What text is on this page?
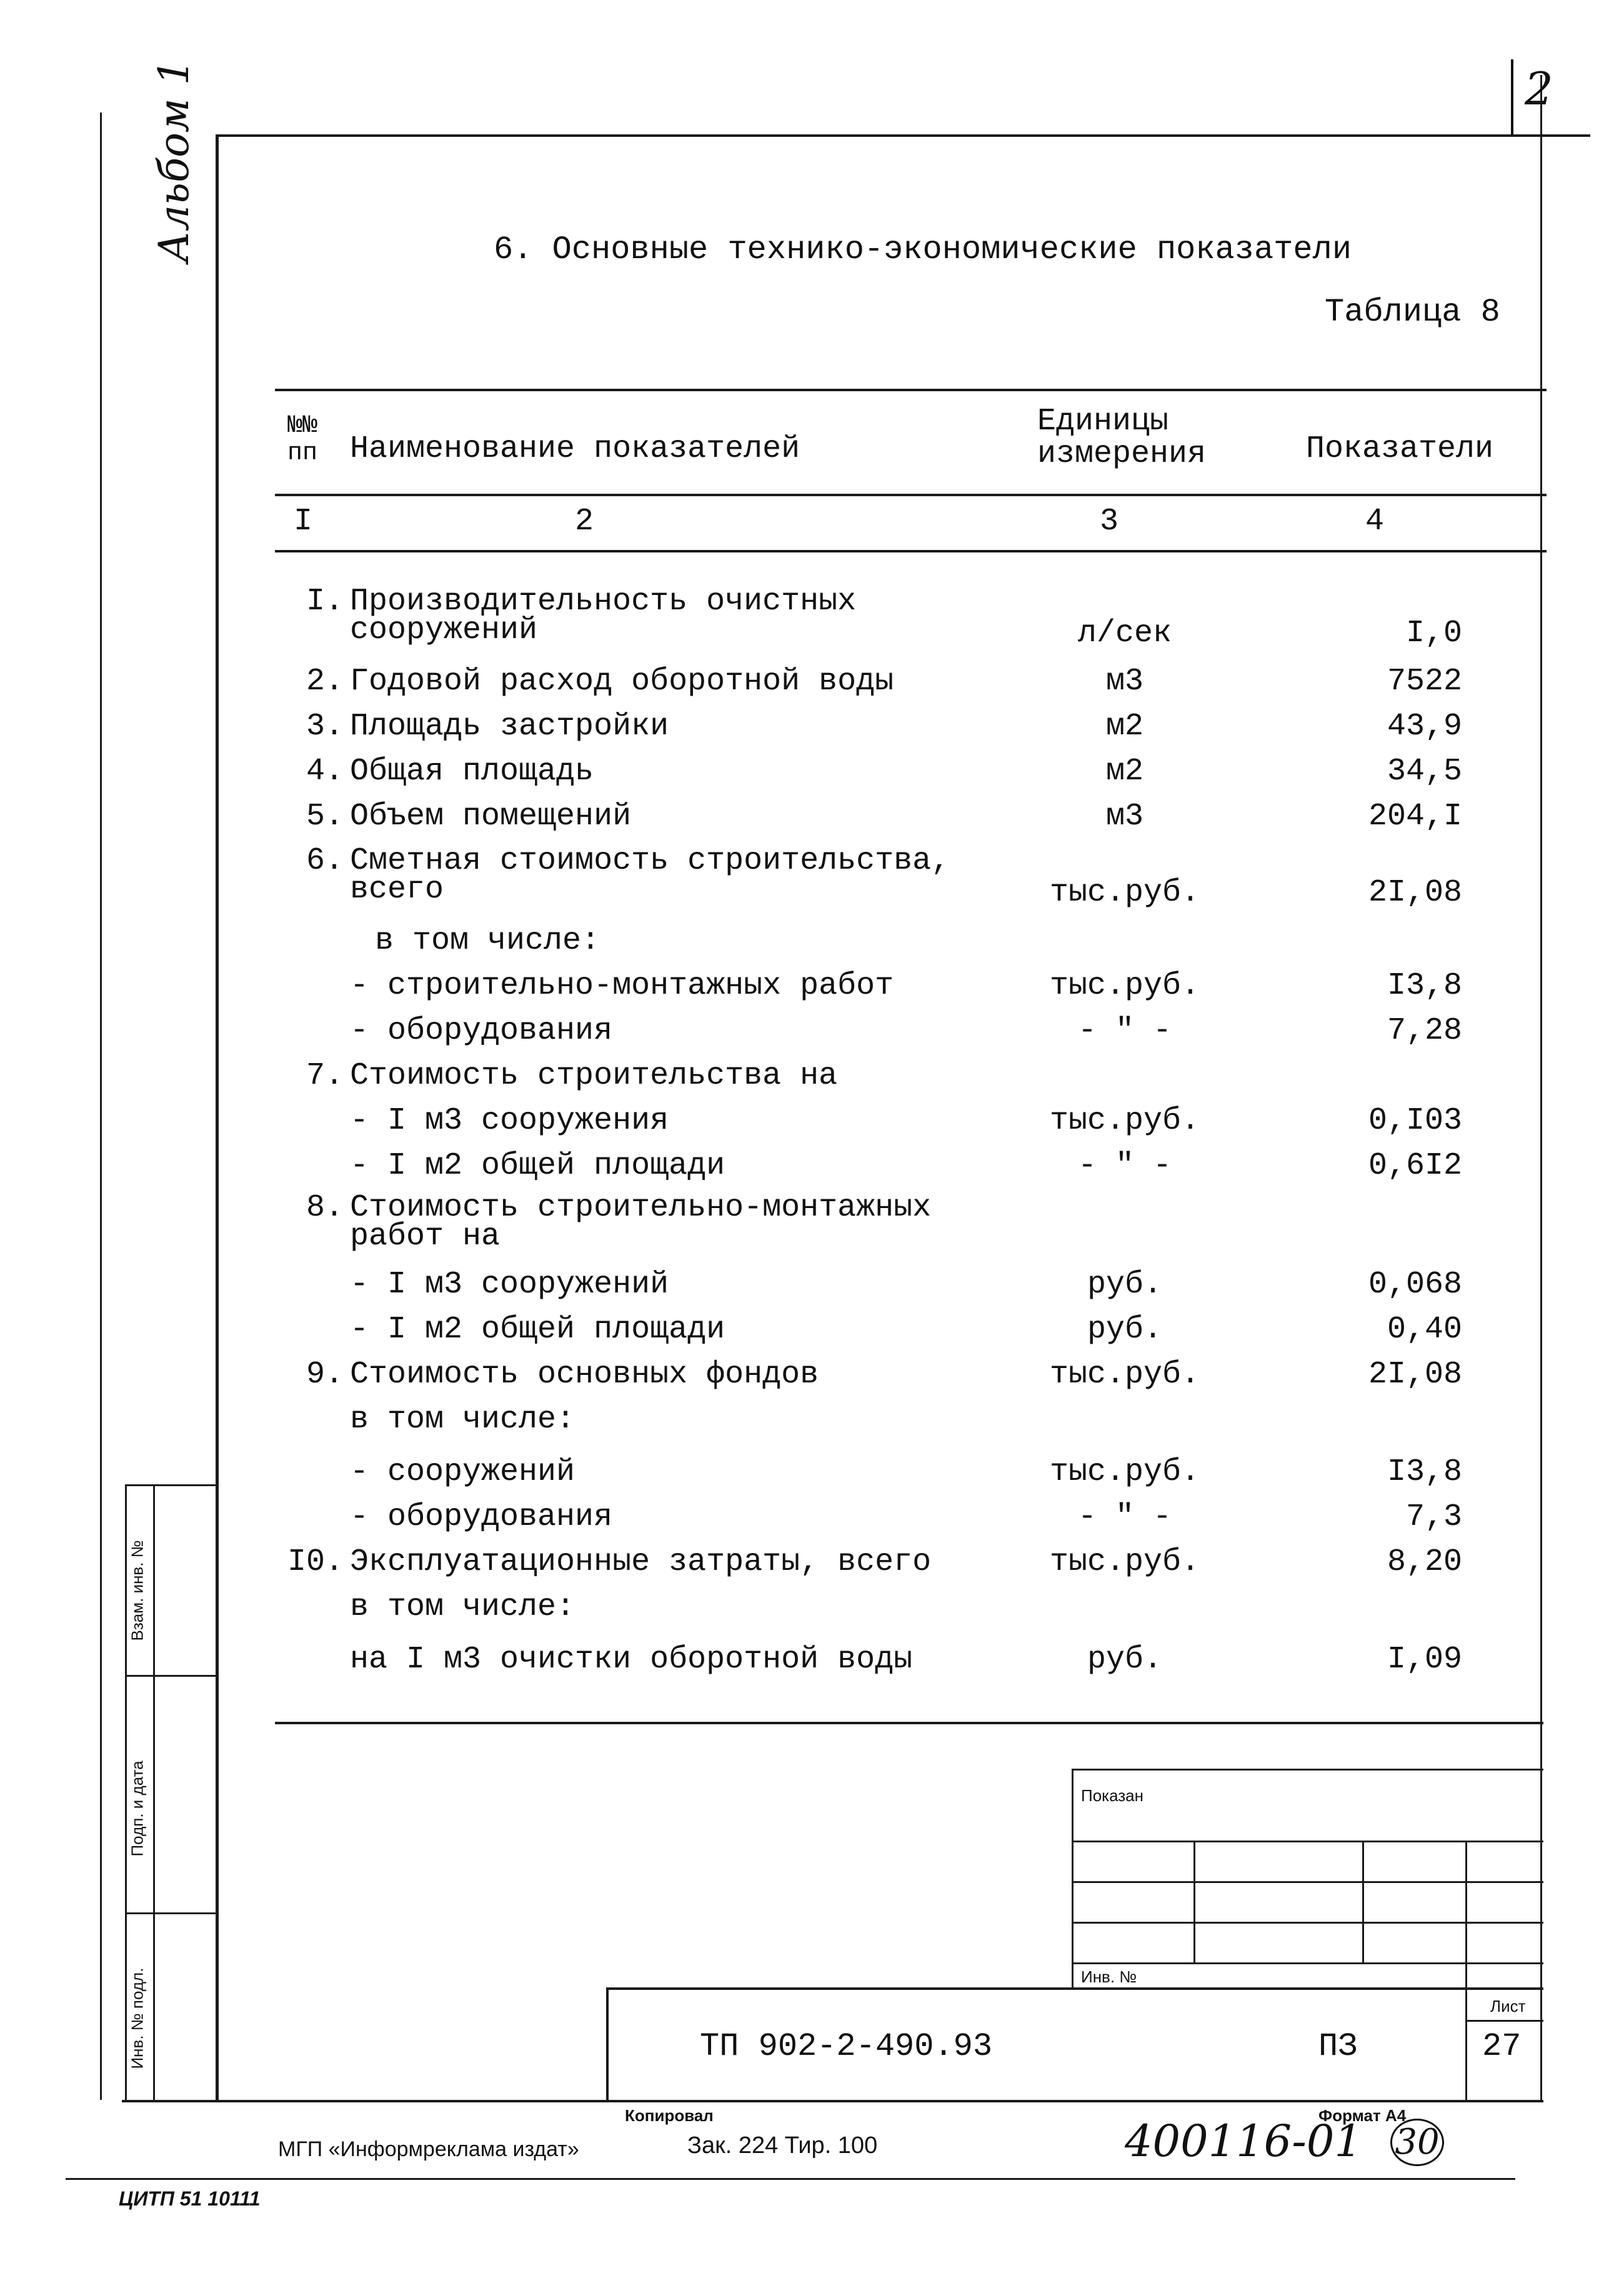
2
Альбом 1	6. Основные технико-экономические показатели
Таблица 8
№№ пп	Наименование показателей
Единицы
измерения	Показатели
I	2	3	4
I. Производительность очистных
сооружений	л/сек	I,0
2. Годовой расход оборотной воды	м3	7522
3. Площадь застройки	м2	43,9
4. Общая площадь	м2	34,5
5. Объем помещений	м3	204,I
6. Сметная стоимость строительства,
всего	тыс.руб.	2I,08
в том числе:
- строительно-монтажных работ	тыс.руб.	I3,8
- оборудования	- " -	7,28
7. Стоимость строительства на
- I м3 сооружения	тыс.руб.	0,I03
- I м2 общей площади	- " -	0,6I2
8. Стоимость строительно-монтажных
работ на
- I м3 сооружений	руб.	0,068
- I м2 общей площади	руб.	0,40
9. Стоимость основных фондов	тыс.руб.	2I,08
в том числе:
- сооружений	тыс.руб.	I3,8
- оборудования	- " -	7,3
I0. Эксплуатационные затраты, всего	тыс.руб.	8,20
в том числе:
на I м3 очистки оборотной воды	руб.	I,09
Взам. инв. №
Подп. и дата
Инв. № подл.
Показан
Инв. №
Лист
ТП 902-2-490.93	ПЗ	27
Копировал	Формат А4
МГП «Информреклама издат»	Зак. 224 Тир. 100	400116-01 30
ЦИТП 51 10111
